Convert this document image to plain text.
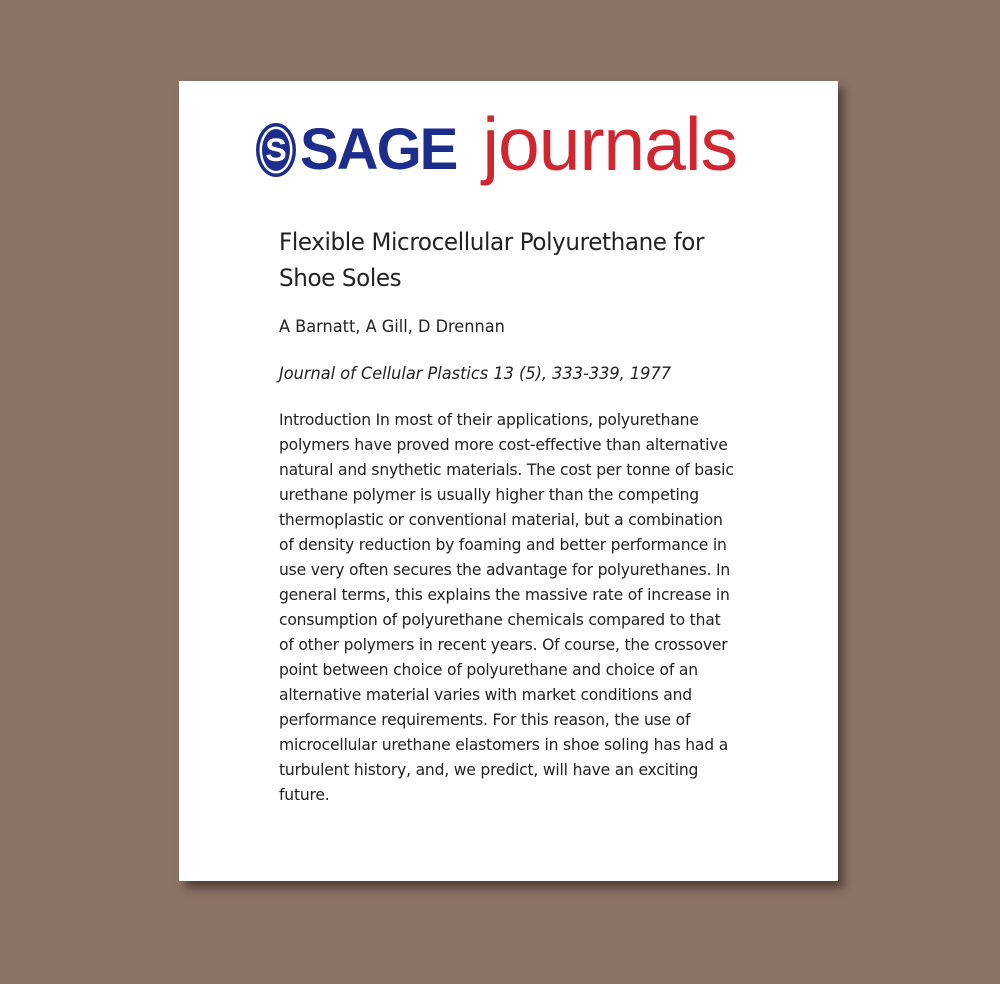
S SAGE journals
Flexible Microcellular Polyurethane for Shoe Soles
A Barnatt, A Gill, D Drennan
Journal of Cellular Plastics 13 (5), 333-339, 1977

Introduction In most of their applications, polyurethane polymers have proved more cost-effective than alternative natural and snythetic materials. The cost per tonne of basic urethane polymer is usually higher than the competing thermoplastic or conventional material, but a combination of density reduction by foaming and better performance in use very often secures the advantage for polyurethanes. In general terms, this explains the massive rate of increase in consumption of polyurethane chemicals compared to that of other polymers in recent years. Of course, the crossover point between choice of polyurethane and choice of an alternative material varies with market conditions and performance requirements. For this reason, the use of microcellular urethane elastomers in shoe soling has had a turbulent history, and, we predict, will have an exciting future.
